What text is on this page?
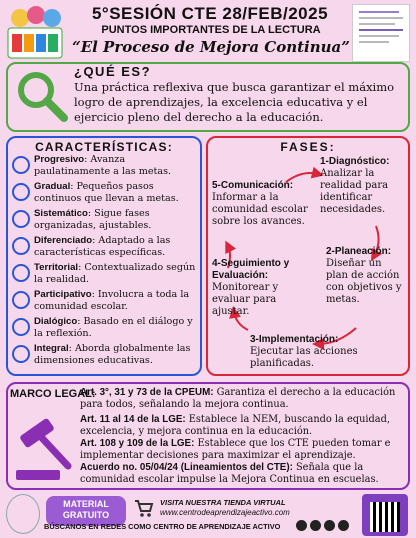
5°SESIÓN CTE 28/FEB/2025
PUNTOS IMPORTANTES DE LA LECTURA
“El Proceso de Mejora Continua”
¿QUÉ ES?
Una práctica reflexiva que busca garantizar el máximo logro de aprendizajes, la excelencia educativa y el ejercicio pleno del derecho a la educación.
CARACTERÍSTICAS:
Progresivo: Avanza paulatinamente a las metas.
Gradual: Pequeños pasos continuos que llevan a metas.
Sistemático: Sigue fases organizadas, ajustables.
Diferenciado: Adaptado a las características específicas.
Territorial: Contextualizado según la realidad.
Participativo: Involucra a toda la comunidad escolar.
Dialógico: Basado en el diálogo y la reflexión.
Integral: Aborda globalmente las dimensiones educativas.
FASES:
1-Diagnóstico:
Analizar la realidad para identificar necesidades.
2-Planeación:
Diseñar un plan de acción con objetivos y metas.
3-Implementación:
Ejecutar las acciones planificadas.
4-Seguimiento y Evaluación:
Monitorear y evaluar para ajustar.
5-Comunicación:
Informar a la comunidad escolar sobre los avances.
MARCO LEGAL:
Art. 3°, 31 y 73 de la CPEUM: Garantiza el derecho a la educación para todos, señalando la mejora continua.
Art. 11 al 14 de la LGE: Establece la NEM, buscando la equidad, excelencia, y mejora continua en la educación.
Art. 108 y 109 de la LGE: Establece que los CTE pueden tomar e implementar decisiones para maximizar el aprendizaje.
Acuerdo no. 05/04/24 (Lineamientos del CTE): Señala que la comunidad escolar impulse la Mejora Continua en escuelas.
MATERIAL GRATUITO
VISITA NUESTRA TIENDA VIRTUAL
www.centrodeaprendizajeactivo.com
BÚSCANOS EN REDES COMO CENTRO DE APRENDIZAJE ACTIVO
